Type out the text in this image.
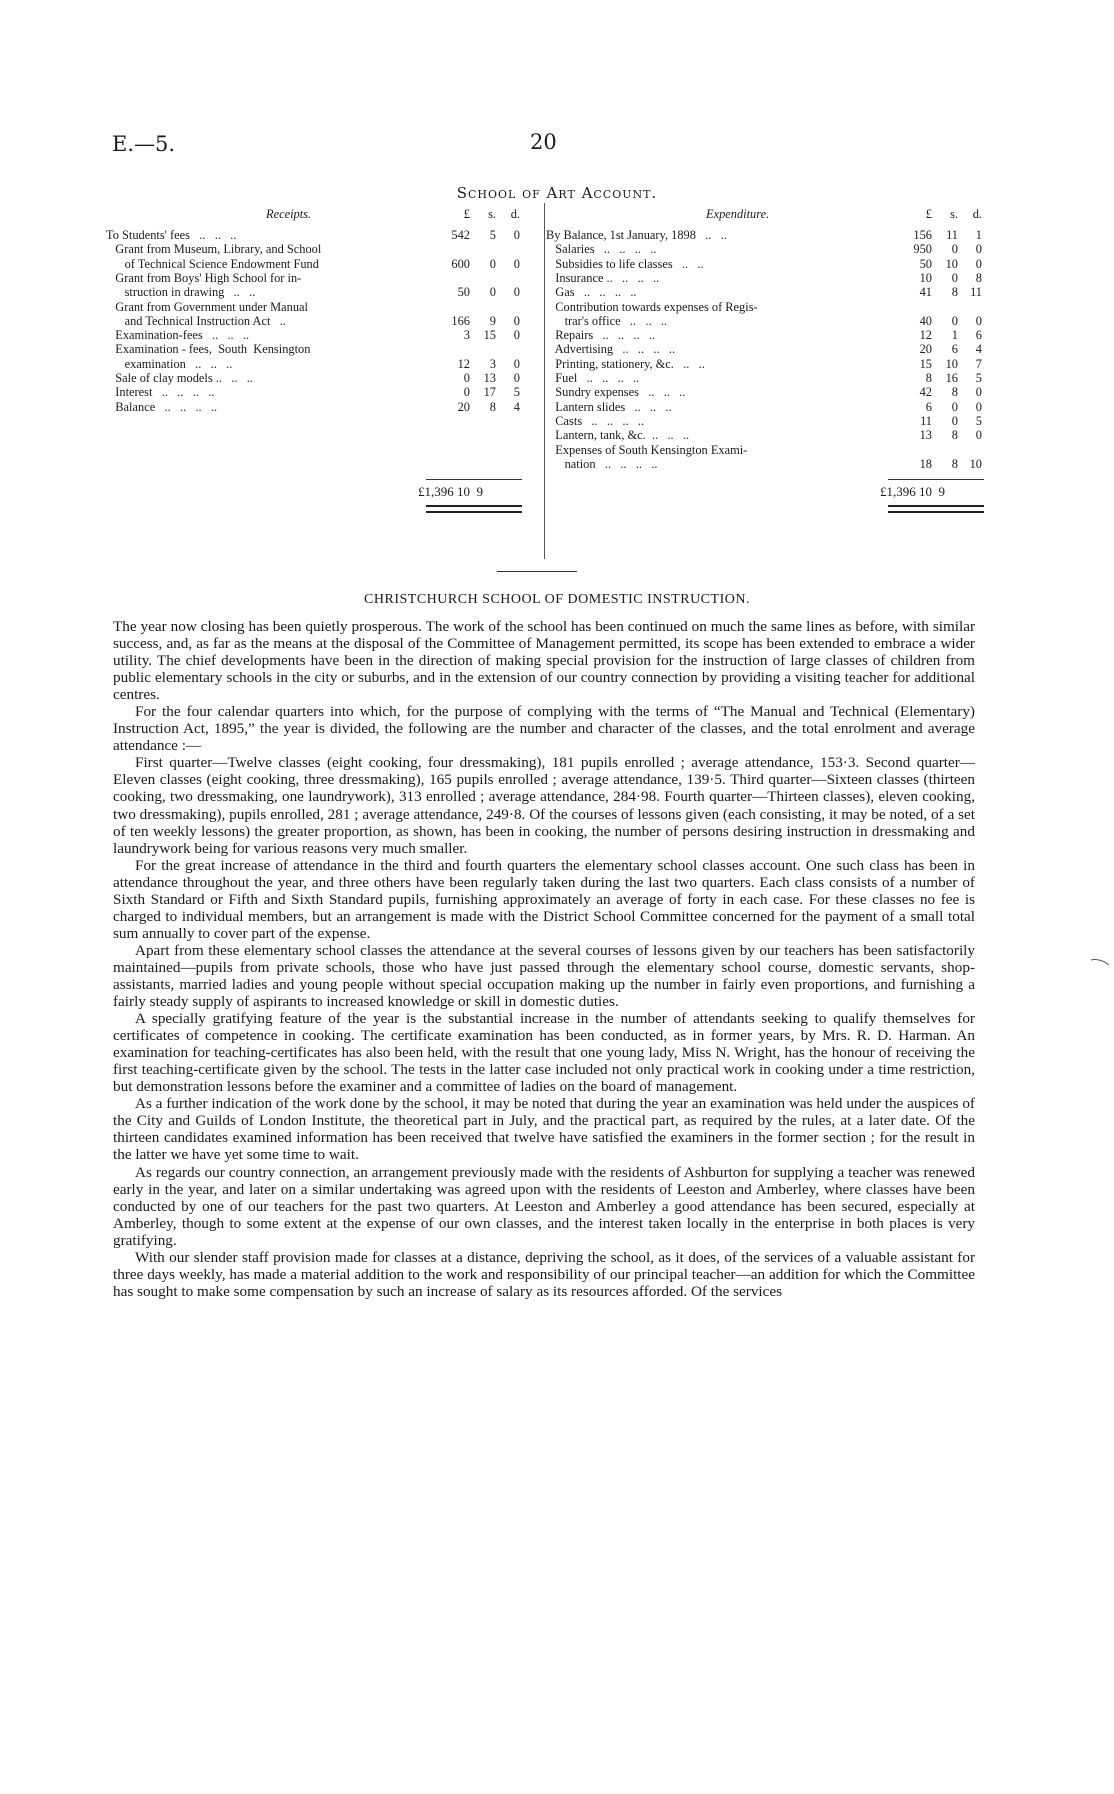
E.—5.	20
School of Art Account.
Receipts.	£	s.	d.
To Students' fees   ..   ..   ..	542	5	0
Grant from Museum, Library, and School
of Technical Science Endowment Fund	600	0	0
Grant from Boys' High School for in-
struction in drawing   ..   ..	50	0	0
Grant from Government under Manual
and Technical Instruction Act   ..	166	9	0
Examination-fees   ..   ..   ..	3	15	0
Examination - fees,  South  Kensington
examination   ..   ..   ..	12	3	0
Sale of clay models ..   ..   ..	0	13	0
Interest   ..   ..   ..   ..	0	17	5
Balance   ..   ..   ..   ..	20	8	4
£1,396 10  9
Expenditure.	£	s.	d.
By Balance, 1st January, 1898   ..   ..	156	11	1
Salaries   ..   ..   ..   ..	950	0	0
Subsidies to life classes   ..   ..	50	10	0
Insurance ..   ..   ..   ..	10	0	8
Gas   ..   ..   ..   ..	41	8 11
Contribution towards expenses of Regis-
trar's office   ..   ..   ..	40	0	0
Repairs   ..   ..   ..   ..	12	1	6
Advertising   ..   ..   ..   ..	20	6	4
Printing, stationery, &c.   ..   ..	15	10	7
Fuel   ..   ..   ..   ..	8	16	5
Sundry expenses   ..   ..   ..	42	8	0
Lantern slides   ..   ..   ..	6	0	0
Casts   ..   ..   ..   ..	11	0	5
Lantern, tank, &c.  ..   ..   ..	13	8	0
Expenses of South Kensington Exami-
nation   ..   ..   ..   ..	18	8 10
£1,396 10  9
CHRISTCHURCH SCHOOL OF DOMESTIC INSTRUCTION.

The year now closing has been quietly prosperous. The work of the school has been continued on much the same lines as before, with similar success, and, as far as the means at the disposal of the Committee of Management permitted, its scope has been extended to embrace a wider utility. The chief developments have been in the direction of making special provision for the instruction of large classes of children from public elementary schools in the city or suburbs, and in the extension of our country connection by providing a visiting teacher for additional centres.

For the four calendar quarters into which, for the purpose of complying with the terms of “The Manual and Technical (Elementary) Instruction Act, 1895,” the year is divided, the following are the number and character of the classes, and the total enrolment and average attendance :—

First quarter—Twelve classes (eight cooking, four dressmaking), 181 pupils enrolled ; average attendance, 153·3. Second quarter—Eleven classes (eight cooking, three dressmaking), 165 pupils enrolled ; average attendance, 139·5. Third quarter—Sixteen classes (thirteen cooking, two dressmaking, one laundrywork), 313 enrolled ; average attendance, 284·98. Fourth quarter—Thirteen classes), eleven cooking, two dressmaking), pupils enrolled, 281 ; average attendance, 249·8. Of the courses of lessons given (each consisting, it may be noted, of a set of ten weekly lessons) the greater proportion, as shown, has been in cooking, the number of persons desiring instruction in dressmaking and laundrywork being for various reasons very much smaller.

For the great increase of attendance in the third and fourth quarters the elementary school classes account. One such class has been in attendance throughout the year, and three others have been regularly taken during the last two quarters. Each class consists of a number of Sixth Standard or Fifth and Sixth Standard pupils, furnishing approximately an average of forty in each case. For these classes no fee is charged to individual members, but an arrangement is made with the District School Committee concerned for the payment of a small total sum annually to cover part of the expense.

Apart from these elementary school classes the attendance at the several courses of lessons given by our teachers has been satisfactorily maintained—pupils from private schools, those who have just passed through the elementary school course, domestic servants, shop-assistants, married ladies and young people without special occupation making up the number in fairly even proportions, and furnishing a fairly steady supply of aspirants to increased knowledge or skill in domestic duties.

A specially gratifying feature of the year is the substantial increase in the number of attendants seeking to qualify themselves for certificates of competence in cooking. The certificate examination has been conducted, as in former years, by Mrs. R. D. Harman. An examination for teaching-certificates has also been held, with the result that one young lady, Miss N. Wright, has the honour of receiving the first teaching-certificate given by the school. The tests in the latter case included not only practical work in cooking under a time restriction, but demonstration lessons before the examiner and a committee of ladies on the board of management.

As a further indication of the work done by the school, it may be noted that during the year an examination was held under the auspices of the City and Guilds of London Institute, the theoretical part in July, and the practical part, as required by the rules, at a later date. Of the thirteen candidates examined information has been received that twelve have satisfied the examiners in the former section ; for the result in the latter we have yet some time to wait.

As regards our country connection, an arrangement previously made with the residents of Ashburton for supplying a teacher was renewed early in the year, and later on a similar undertaking was agreed upon with the residents of Leeston and Amberley, where classes have been conducted by one of our teachers for the past two quarters. At Leeston and Amberley a good attendance has been secured, especially at Amberley, though to some extent at the expense of our own classes, and the interest taken locally in the enterprise in both places is very gratifying.

With our slender staff provision made for classes at a distance, depriving the school, as it does, of the services of a valuable assistant for three days weekly, has made a material addition to the work and responsibility of our principal teacher—an addition for which the Committee has sought to make some compensation by such an increase of salary as its resources afforded. Of the services
